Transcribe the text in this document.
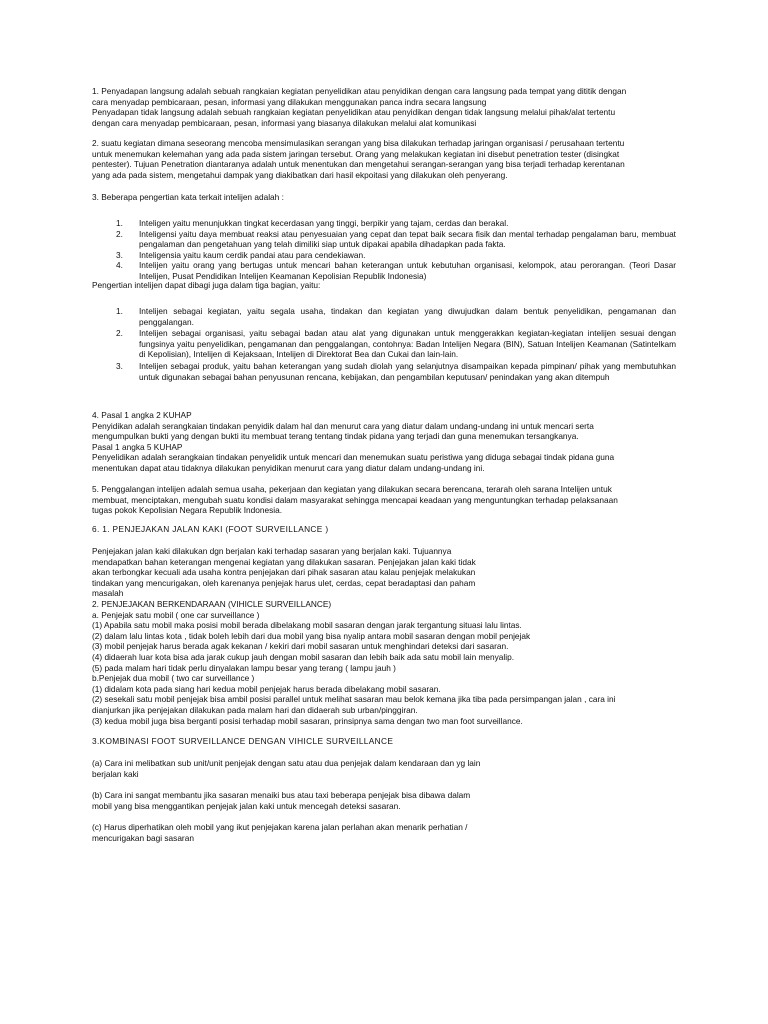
1. Penyadapan langsung adalah sebuah rangkaian kegiatan penyelidikan atau penyidikan dengan cara langsung pada tempat yang dititik dengan

cara menyadap pembicaraan, pesan, informasi yang dilakukan menggunakan panca indra secara langsung

Penyadapan tidak langsung adalah sebuah rangkaian kegiatan penyelidikan atau penyidikan dengan tidak langsung melalui pihak/alat tertentu

dengan cara menyadap pembicaraan, pesan, informasi yang biasanya dilakukan melalui alat komunikasi

2. suatu kegiatan dimana seseorang mencoba mensimulasikan serangan yang bisa dilakukan terhadap jaringan organisasi / perusahaan tertentu

untuk menemukan kelemahan yang ada pada sistem jaringan tersebut. Orang yang melakukan kegiatan ini disebut penetration tester (disingkat

pentester). Tujuan Penetration diantaranya adalah untuk menentukan dan mengetahui serangan-serangan yang bisa terjadi terhadap kerentanan

yang ada pada sistem, mengetahui dampak yang diakibatkan dari hasil ekpoitasi yang dilakukan oleh penyerang.

3. Beberapa pengertian kata terkait intelijen adalah :

1. Inteligen yaitu menunjukkan tingkat kecerdasan yang tinggi, berpikir yang tajam, cerdas dan berakal.
2. Inteligensi yaitu daya membuat reaksi atau penyesuaian yang cepat dan tepat baik secara fisik dan mental terhadap pengalaman baru, membuat pengalaman dan pengetahuan yang telah dimiliki siap untuk dipakai apabila dihadapkan pada fakta.
3. Inteligensia yaitu kaum cerdik pandai atau para cendekiawan.
4. Intelijen yaitu orang yang bertugas untuk mencari bahan keterangan untuk kebutuhan organisasi, kelompok, atau perorangan. (Teori Dasar Intelijen, Pusat Pendidikan Intelijen Keamanan Kepolisian Republik Indonesia)

Pengertian intelijen dapat dibagi juga dalam tiga bagian, yaitu:

1. Intelijen sebagai kegiatan, yaitu segala usaha, tindakan dan kegiatan yang diwujudkan dalam bentuk penyelidikan, pengamanan dan penggalangan.
2. Intelijen sebagai organisasi, yaitu sebagai badan atau alat yang digunakan untuk menggerakkan kegiatan-kegiatan intelijen sesuai dengan fungsinya yaitu penyelidikan, pengamanan dan penggalangan, contohnya: Badan Intelijen Negara (BIN), Satuan Intelijen Keamanan (Satintelkam di Kepolisian), Intelijen di Kejaksaan, Intelijen di Direktorat Bea dan Cukai dan lain-lain.
3. Intelijen sebagai produk, yaitu bahan keterangan yang sudah diolah yang selanjutnya disampaikan kepada pimpinan/ pihak yang membutuhkan untuk digunakan sebagai bahan penyusunan rencana, kebijakan, dan pengambilan keputusan/ penindakan yang akan ditempuh

4. Pasal 1 angka 2 KUHAP

Penyidikan adalah serangkaian tindakan penyidik dalam hal dan menurut cara yang diatur dalam undang-undang ini untuk mencari serta

mengumpulkan bukti yang dengan bukti itu membuat terang tentang tindak pidana yang terjadi dan guna menemukan tersangkanya.

Pasal 1 angka 5 KUHAP

Penyelidikan adalah serangkaian tindakan penyelidik untuk mencari dan menemukan suatu peristiwa yang diduga sebagai tindak pidana guna

menentukan dapat atau tidaknya dilakukan penyidikan menurut cara yang diatur dalam undang-undang ini.

5. Penggalangan intelijen adalah semua usaha, pekerjaan dan kegiatan yang dilakukan secara berencana, terarah oleh sarana Intelijen untuk

membuat, menciptakan, mengubah suatu kondisi dalam masyarakat sehingga mencapai keadaan yang menguntungkan terhadap pelaksanaan

tugas pokok Kepolisian Negara Republik Indonesia.

6. 1. PENJEJAKAN JALAN KAKI (FOOT SURVEILLANCE )

Penjejakan jalan kaki dilakukan dgn berjalan kaki terhadap sasaran yang berjalan kaki. Tujuannya

mendapatkan bahan keterangan mengenai kegiatan yang dilakukan sasaran. Penjejakan jalan kaki tidak

akan terbongkar kecuali ada usaha kontra penjejakan dari pihak sasaran atau kalau penjejak melakukan

tindakan yang mencurigakan, oleh karenanya penjejak harus ulet, cerdas, cepat beradaptasi dan paham

masalah

2. PENJEJAKAN BERKENDARAAN (VIHICLE SURVEILLANCE)

a. Penjejak satu mobil ( one car surveillance )

(1) Apabila satu mobil maka posisi mobil berada dibelakang mobil sasaran dengan jarak tergantung situasi lalu lintas.

(2) dalam lalu lintas kota , tidak boleh lebih dari dua mobil yang bisa nyalip antara mobil sasaran dengan mobil penjejak

(3) mobil penjejak harus berada agak kekanan / kekiri dari mobil sasaran untuk menghindari deteksi dari sasaran.

(4) didaerah luar kota bisa ada jarak cukup jauh dengan mobil sasaran dan lebih baik ada satu mobil lain menyalip.

(5) pada malam hari tidak perlu dinyalakan lampu besar yang terang ( lampu jauh )

b.Penjejak dua mobil ( two car surveillance )

(1) didalam kota pada siang hari kedua mobil penjejak harus berada dibelakang mobil sasaran.

(2) sesekali satu mobil penjejak bisa ambil posisi parallel untuk melihat sasaran mau belok kemana jika tiba pada persimpangan jalan , cara ini

dianjurkan jika penjejakan dilakukan pada malam hari dan didaerah sub urban/pinggiran.

(3) kedua mobil juga bisa berganti posisi terhadap mobil sasaran, prinsipnya sama dengan two man foot surveillance.

3.KOMBINASI FOOT SURVEILLANCE DENGAN VIHICLE SURVEILLANCE

(a) Cara ini melibatkan sub unit/unit penjejak dengan satu atau dua penjejak dalam kendaraan dan yg lain

berjalan kaki

(b) Cara ini sangat membantu jika sasaran menaiki bus atau taxi beberapa penjejak bisa dibawa dalam

mobil yang bisa menggantikan penjejak jalan kaki untuk mencegah deteksi sasaran.

(c) Harus diperhatikan oleh mobil yang ikut penjejakan karena jalan perlahan akan menarik perhatian /

mencurigakan bagi sasaran
